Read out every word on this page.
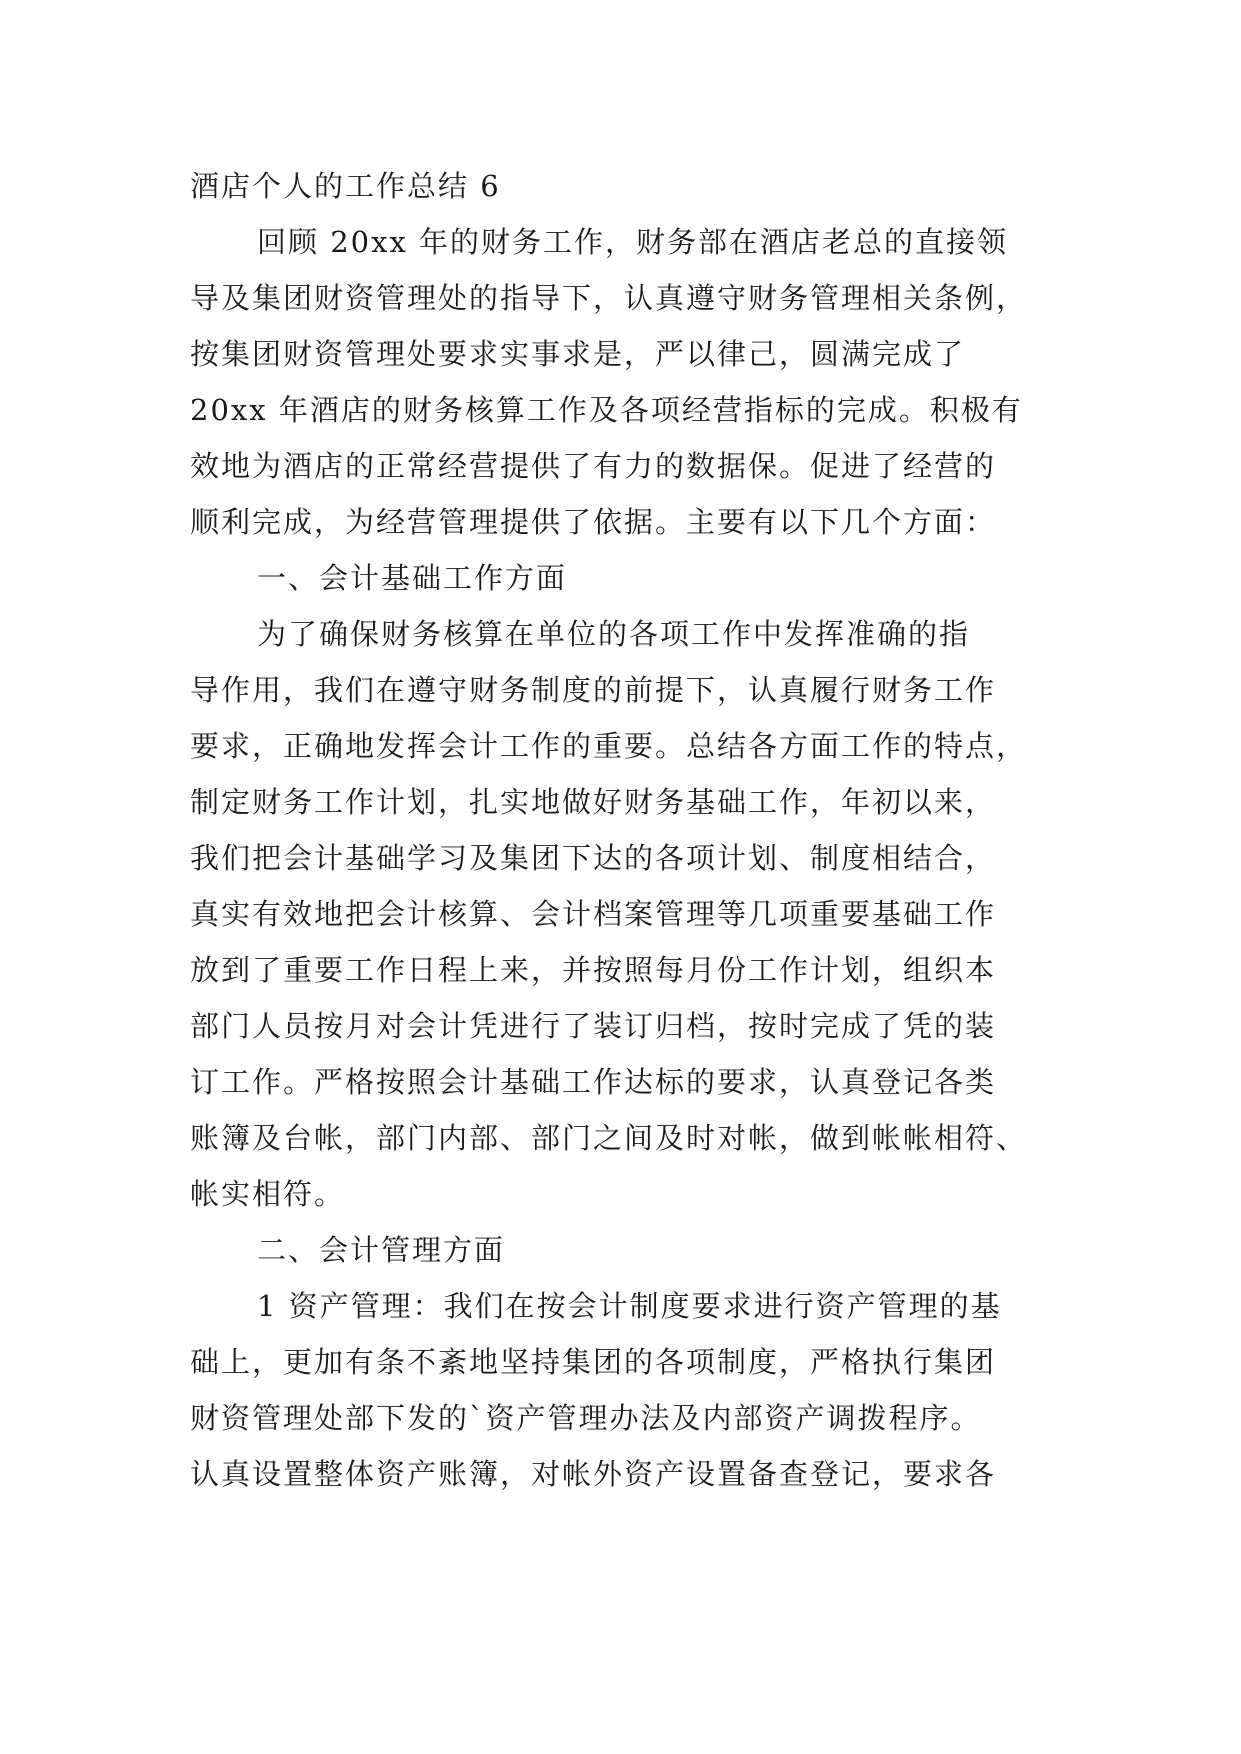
酒店个人的工作总结 6
回顾 20xx 年的财务工作，财务部在酒店老总的直接领
导及集团财资管理处的指导下，认真遵守财务管理相关条例，
按集团财资管理处要求实事求是，严以律己，圆满完成了
20xx 年酒店的财务核算工作及各项经营指标的完成。积极有
效地为酒店的正常经营提供了有力的数据保。促进了经营的
顺利完成，为经营管理提供了依据。主要有以下几个方面：
一、会计基础工作方面
为了确保财务核算在单位的各项工作中发挥准确的指
导作用，我们在遵守财务制度的前提下，认真履行财务工作
要求，正确地发挥会计工作的重要。总结各方面工作的特点，
制定财务工作计划，扎实地做好财务基础工作，年初以来，
我们把会计基础学习及集团下达的各项计划、制度相结合，
真实有效地把会计核算、会计档案管理等几项重要基础工作
放到了重要工作日程上来，并按照每月份工作计划，组织本
部门人员按月对会计凭进行了装订归档，按时完成了凭的装
订工作。严格按照会计基础工作达标的要求，认真登记各类
账簿及台帐，部门内部、部门之间及时对帐，做到帐帐相符、
帐实相符。
二、会计管理方面
1 资产管理：我们在按会计制度要求进行资产管理的基
础上，更加有条不紊地坚持集团的各项制度，严格执行集团
财资管理处部下发的`资产管理办法及内部资产调拨程序。
认真设置整体资产账簿，对帐外资产设置备查登记，要求各
